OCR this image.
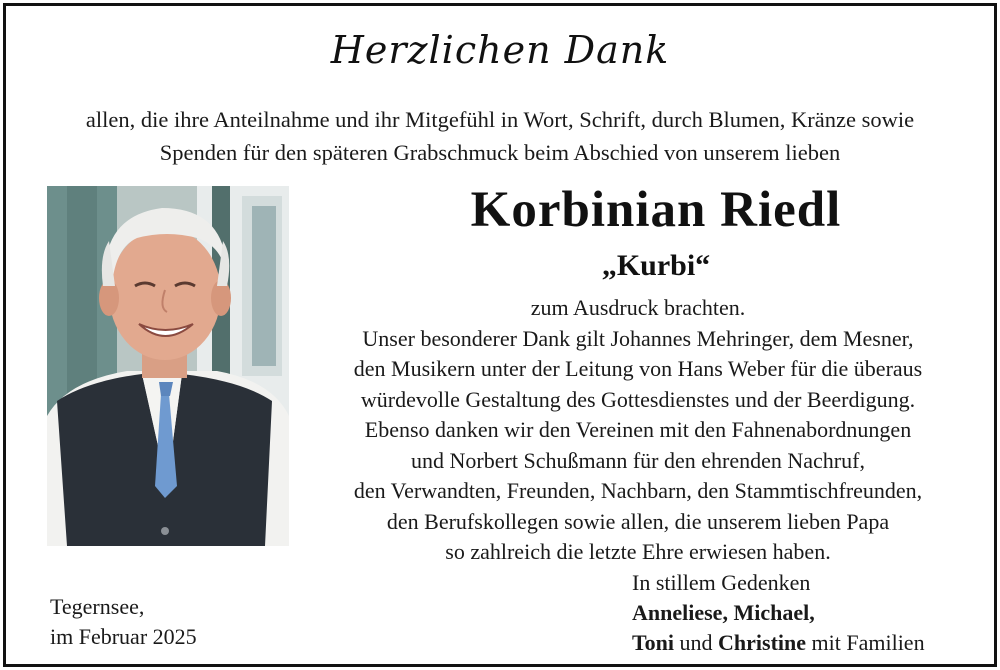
Herzlichen Dank
allen, die ihre Anteilnahme und ihr Mitgefühl in Wort, Schrift, durch Blumen, Kränze sowie
Spenden für den späteren Grabschmuck beim Abschied von unserem lieben
Korbinian Riedl
„Kurbi“
zum Ausdruck brachten.
Unser besonderer Dank gilt Johannes Mehringer, dem Mesner,
den Musikern unter der Leitung von Hans Weber für die überaus
würdevolle Gestaltung des Gottesdienstes und der Beerdigung.
Ebenso danken wir den Vereinen mit den Fahnenabordnungen
und Norbert Schußmann für den ehrenden Nachruf,
den Verwandten, Freunden, Nachbarn, den Stammtischfreunden,
den Berufskollegen sowie allen, die unserem lieben Papa
so zahlreich die letzte Ehre erwiesen haben.
Tegernsee,
im Februar 2025
In stillem Gedenken
Anneliese, Michael,
Toni und Christine mit Familien
